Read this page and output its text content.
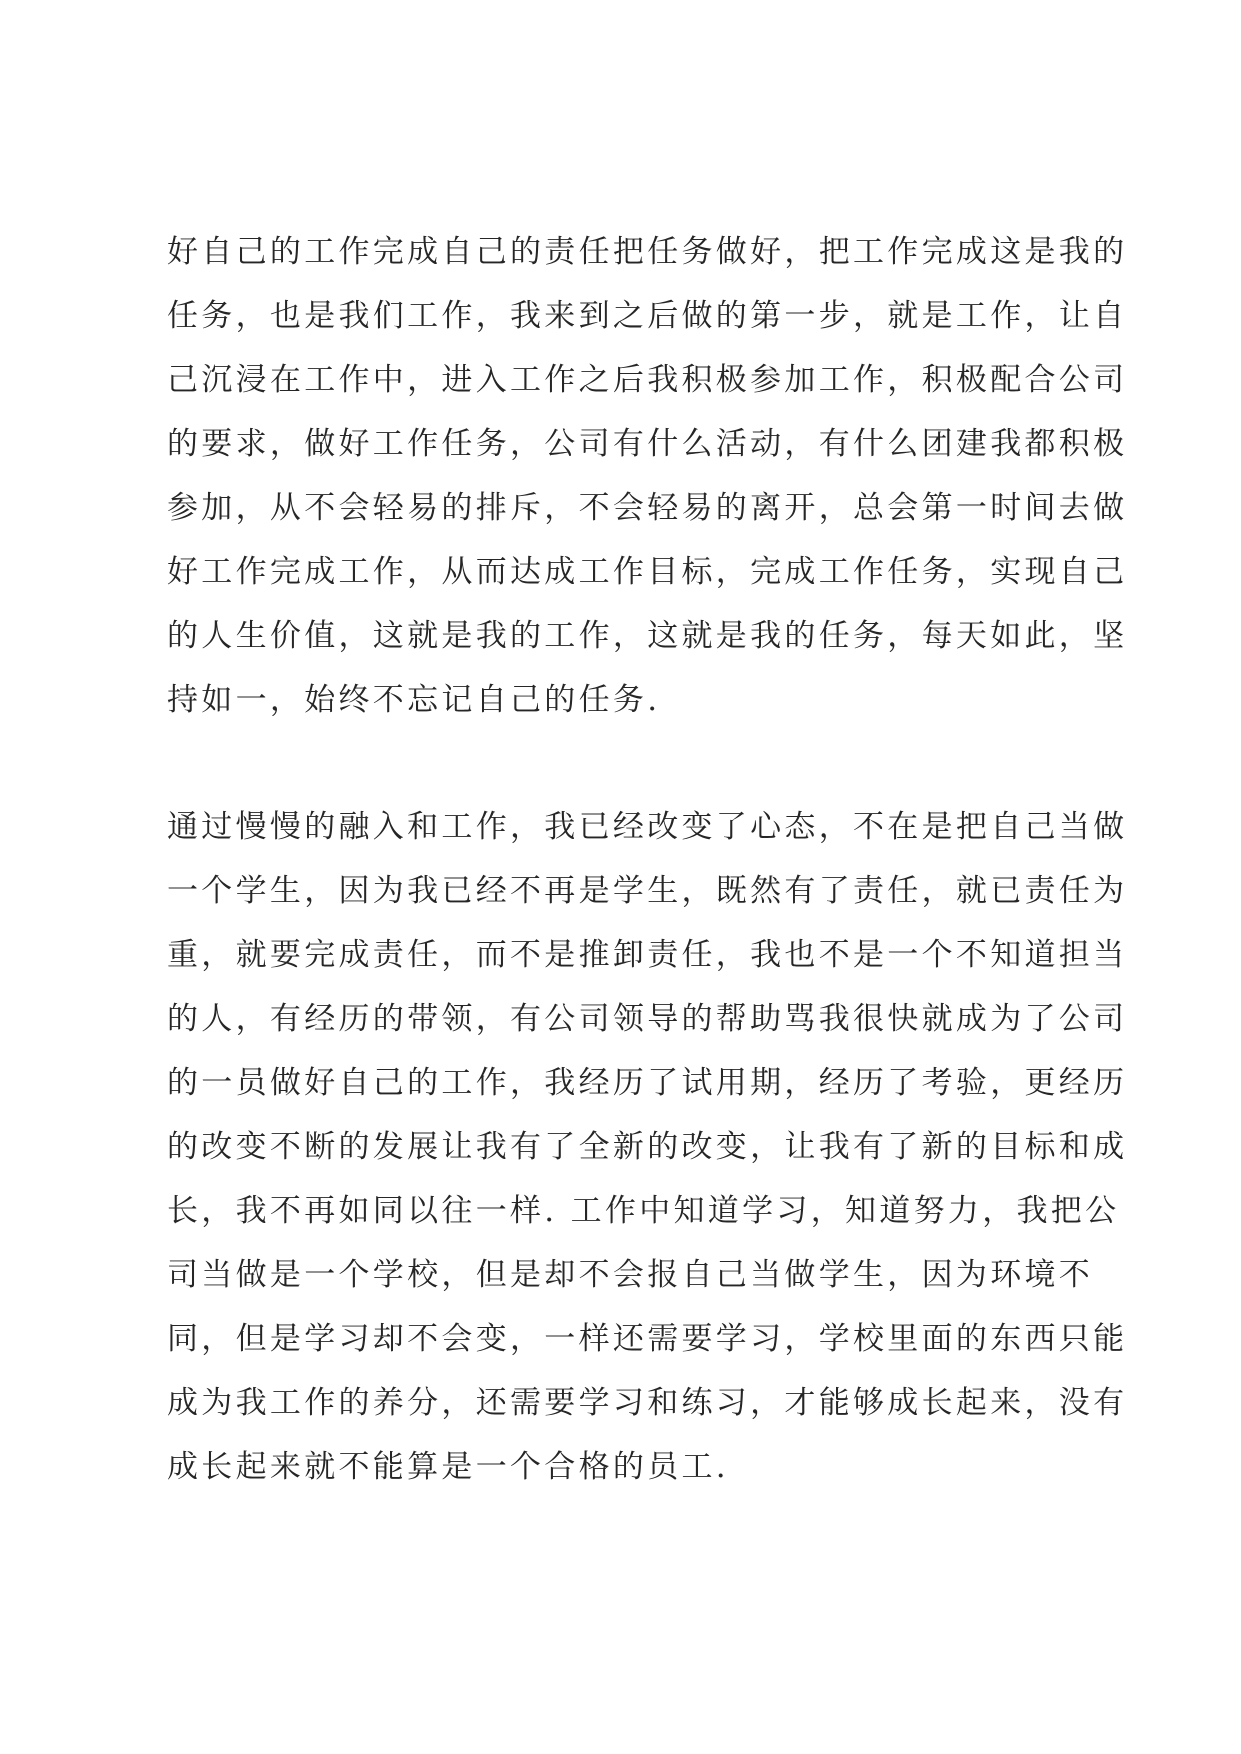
好自己的工作完成自己的责任把任务做好，把工作完成这是我的
任务，也是我们工作，我来到之后做的第一步，就是工作，让自
己沉浸在工作中，进入工作之后我积极参加工作，积极配合公司
的要求，做好工作任务，公司有什么活动，有什么团建我都积极
参加，从不会轻易的排斥，不会轻易的离开，总会第一时间去做
好工作完成工作，从而达成工作目标，完成工作任务，实现自己
的人生价值，这就是我的工作，这就是我的任务，每天如此，坚
持如一，始终不忘记自己的任务.

通过慢慢的融入和工作，我已经改变了心态，不在是把自己当做
一个学生，因为我已经不再是学生，既然有了责任，就已责任为
重，就要完成责任，而不是推卸责任，我也不是一个不知道担当
的人，有经历的带领，有公司领导的帮助骂我很快就成为了公司
的一员做好自己的工作，我经历了试用期，经历了考验，更经历
的改变不断的发展让我有了全新的改变，让我有了新的目标和成
长，我不再如同以往一样. 工作中知道学习，知道努力，我把公
司当做是一个学校，但是却不会报自己当做学生，因为环境不
同，但是学习却不会变，一样还需要学习，学校里面的东西只能
成为我工作的养分，还需要学习和练习，才能够成长起来，没有
成长起来就不能算是一个合格的员工.
